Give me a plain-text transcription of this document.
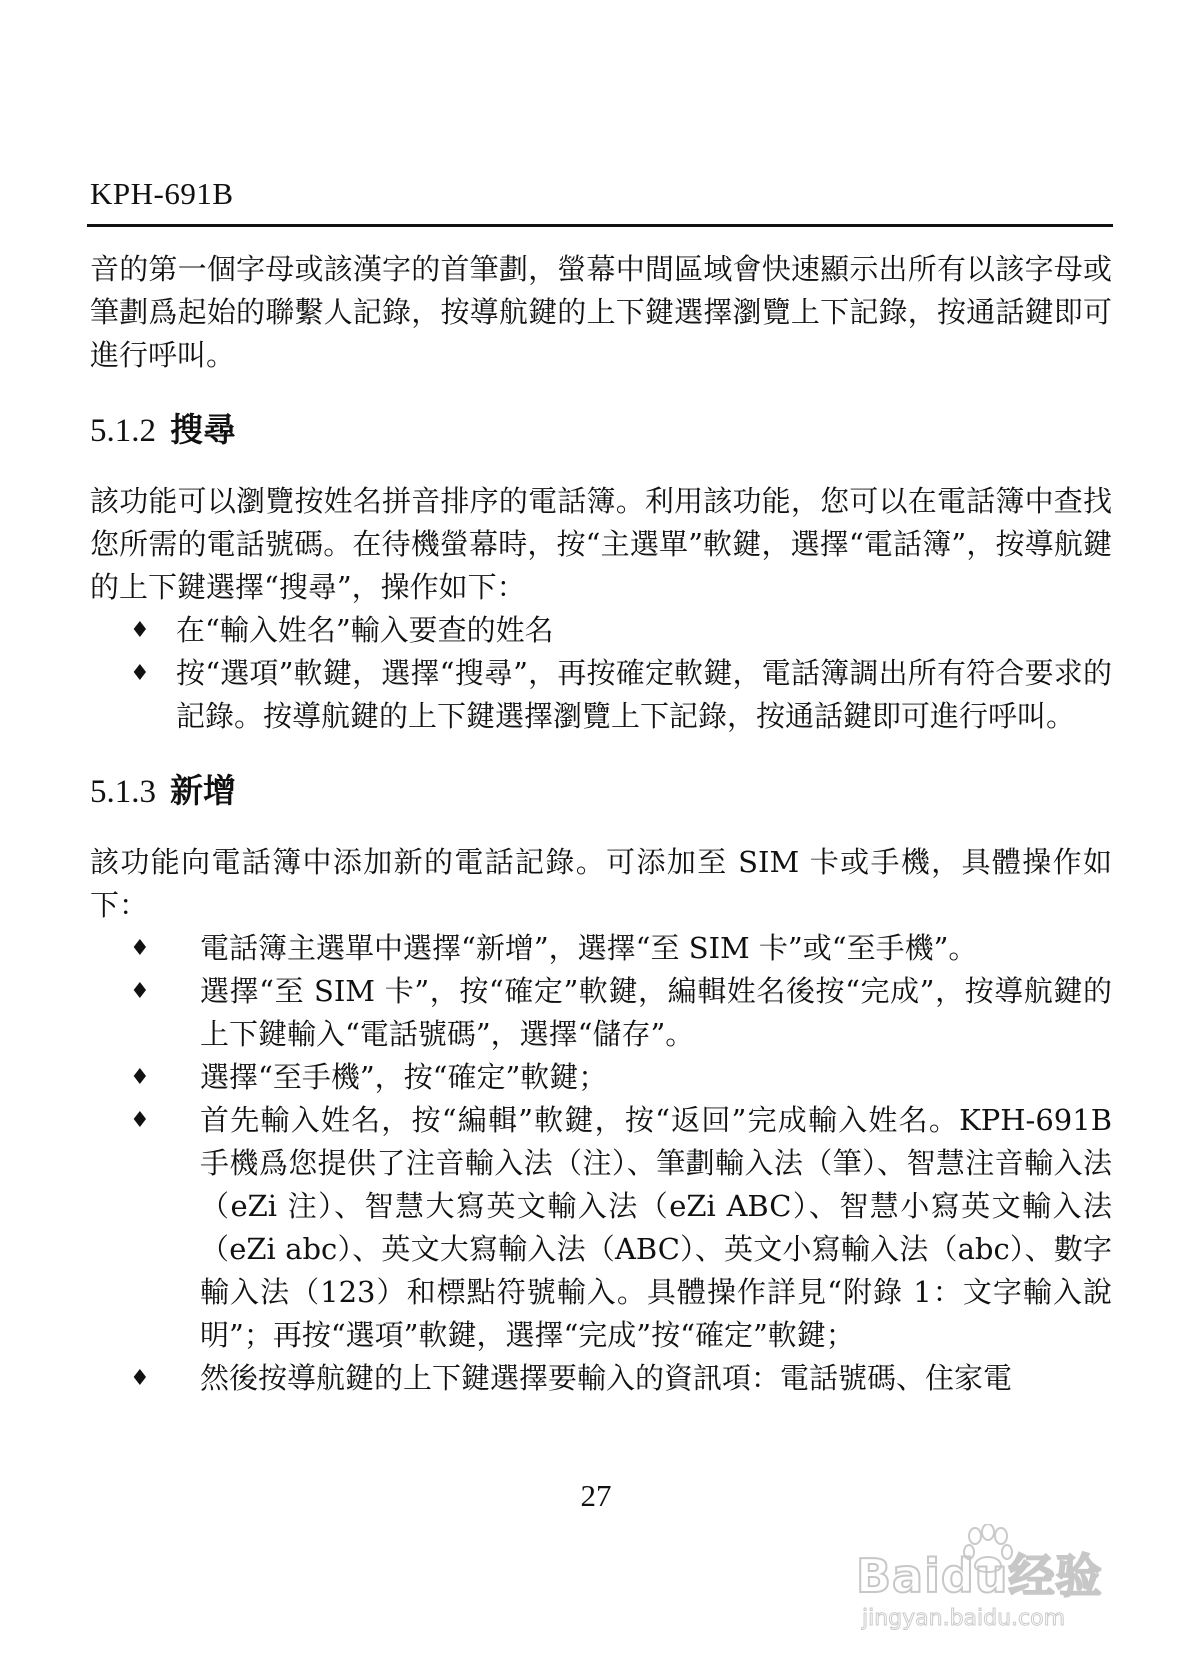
KPH-691B

音的第一個字母或該漢字的首筆劃，螢幕中間區域會快速顯示出所有以該字母或筆劃爲起始的聯繫人記錄，按導航鍵的上下鍵選擇瀏覽上下記錄，按通話鍵即可進行呼叫。

5.1.2 搜尋

該功能可以瀏覽按姓名拼音排序的電話簿。利用該功能，您可以在電話簿中查找您所需的電話號碼。在待機螢幕時，按“主選單”軟鍵，選擇“電話簿”，按導航鍵的上下鍵選擇“搜尋”，操作如下：

♦ 在“輸入姓名”輸入要查的姓名
♦ 按“選項”軟鍵，選擇“搜尋”，再按確定軟鍵，電話簿調出所有符合要求的記錄。按導航鍵的上下鍵選擇瀏覽上下記錄，按通話鍵即可進行呼叫。
5.1.3 新增

該功能向電話簿中添加新的電話記錄。可添加至 SIM 卡或手機，具體操作如下：

♦ 電話簿主選單中選擇“新增”，選擇“至 SIM 卡”或“至手機”。
♦ 選擇“至 SIM 卡”，按“確定”軟鍵，編輯姓名後按“完成”，按導航鍵的上下鍵輸入“電話號碼”，選擇“儲存”。
♦ 選擇“至手機”，按“確定”軟鍵；
♦ 首先輸入姓名，按“編輯”軟鍵，按“返回”完成輸入姓名。KPH-691B 手機爲您提供了注音輸入法（注）、筆劃輸入法（筆）、智慧注音輸入法（eZi 注）、智慧大寫英文輸入法（eZi ABC）、智慧小寫英文輸入法（eZi abc）、英文大寫輸入法（ABC）、英文小寫輸入法（abc）、數字輸入法（123）和標點符號輸入。具體操作詳見“附錄 1：文字輸入說明”；再按“選項”軟鍵，選擇“完成”按“確定”軟鍵；
♦ 然後按導航鍵的上下鍵選擇要輸入的資訊項：電話號碼、住家電
27
Baidu经验
jingyan.baidu.com
